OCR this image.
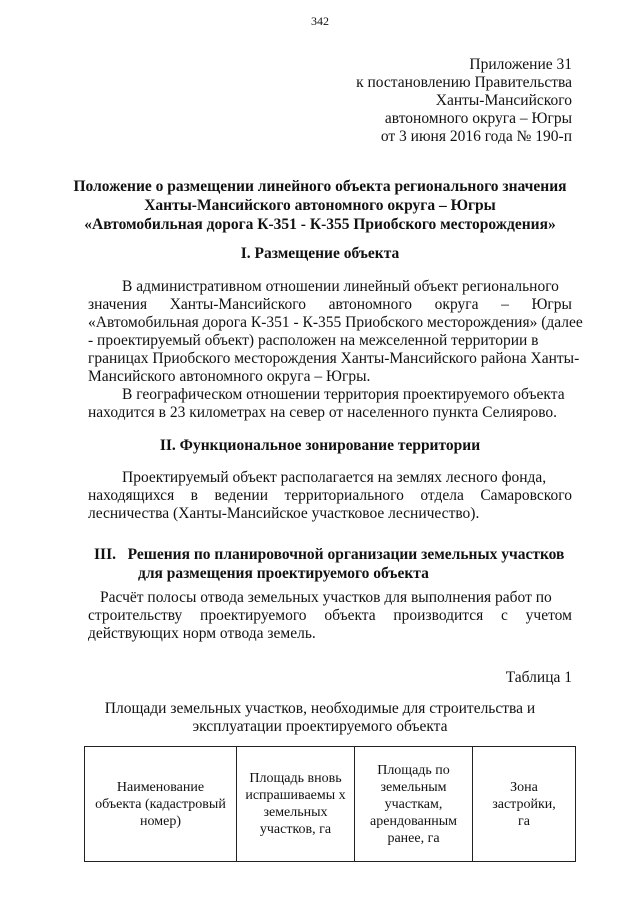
342
Приложение 31
к постановлению Правительства
Ханты-Мансийского
автономного округа – Югры
от 3 июня 2016 года № 190-п
Положение о размещении линейного объекта регионального значения
Ханты-Мансийского автономного округа – Югры
«Автомобильная дорога К-351 - К-355 Приобского месторождения»
I. Размещение объекта
В административном отношении линейный объект регионального
значения Ханты-Мансийского автономного округа – Югры
«Автомобильная дорога К-351 - К-355 Приобского месторождения» (далее
- проектируемый объект) расположен на межселенной территории в
границах Приобского месторождения Ханты-Мансийского района Ханты-
Мансийского автономного округа – Югры.
В географическом отношении территория проектируемого объекта
находится в 23 километрах на север от населенного пункта Селиярово.
II. Функциональное зонирование территории
Проектируемый объект располагается на землях лесного фонда,
находящихся в ведении территориального отдела Самаровского
лесничества (Ханты-Мансийское участковое лесничество).
III.   Решения по планировочной организации земельных участков
для размещения проектируемого объекта
Расчёт полосы отвода земельных участков для выполнения работ по
строительству проектируемого объекта производится с учетом
действующих норм отвода земель.
Таблица 1
Площади земельных участков, необходимые для строительства и
эксплуатации проектируемого объекта
Наименование
объекта (кадастровый
номер)

Площадь вновь
испрашиваемы х
земельных
участков, га

Площадь по
земельным
участкам,
арендованным
ранее, га

Зона
застройки,
га
